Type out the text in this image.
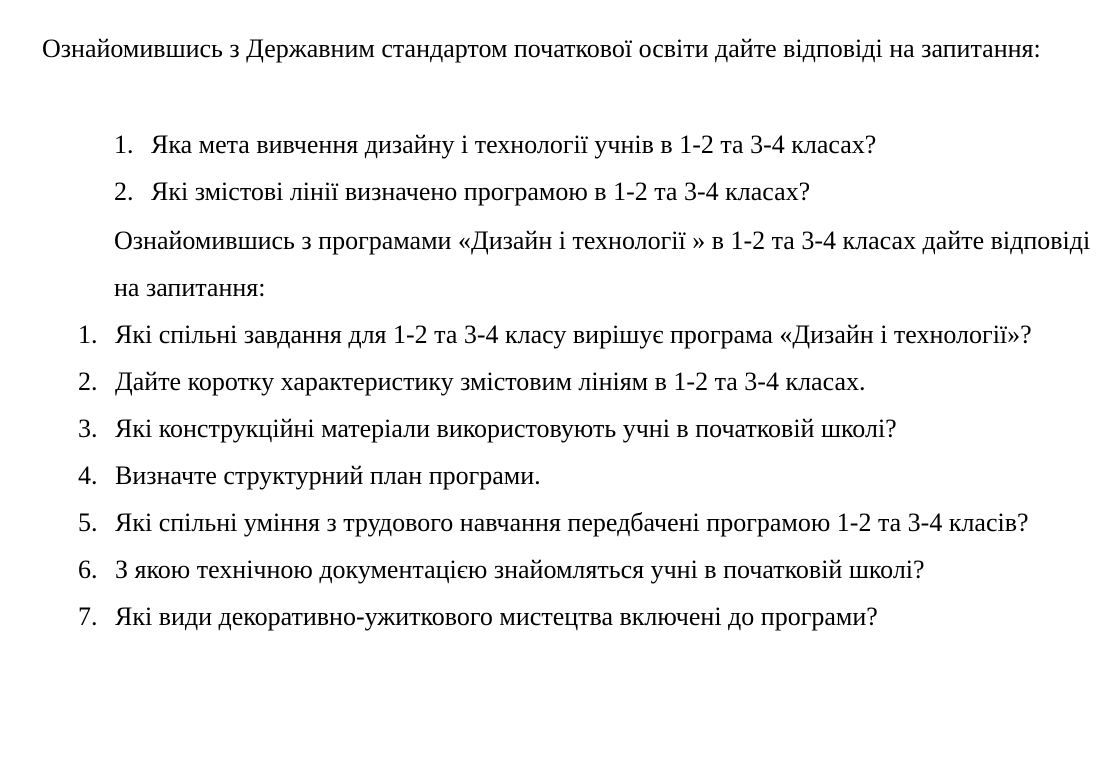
Ознайомившись з Державним стандартом початкової освіти дайте відповіді на запитання:

1. Яка мета вивчення дизайну і технології учнів в 1-2 та 3-4 класах?
2. Які змістові лінії визначено програмою в 1-2 та 3-4 класах?

Ознайомившись з програмами «Дизайн і технології » в 1-2 та 3-4 класах дайте відповіді на запитання:

1. Які спільні завдання для 1-2 та 3-4 класу вирішує програма «Дизайн і технології»?
2. Дайте коротку характеристику змістовим лініям в 1-2 та 3-4 класах.
3. Які конструкційні матеріали використовують учні в початковій школі?
4. Визначте структурний план програми.
5. Які спільні уміння з трудового навчання передбачені програмою 1-2 та 3-4 класів?
6. З якою технічною документацією знайомляться учні в початковій школі?
7. Які види декоративно-ужиткового мистецтва включені до програми?
